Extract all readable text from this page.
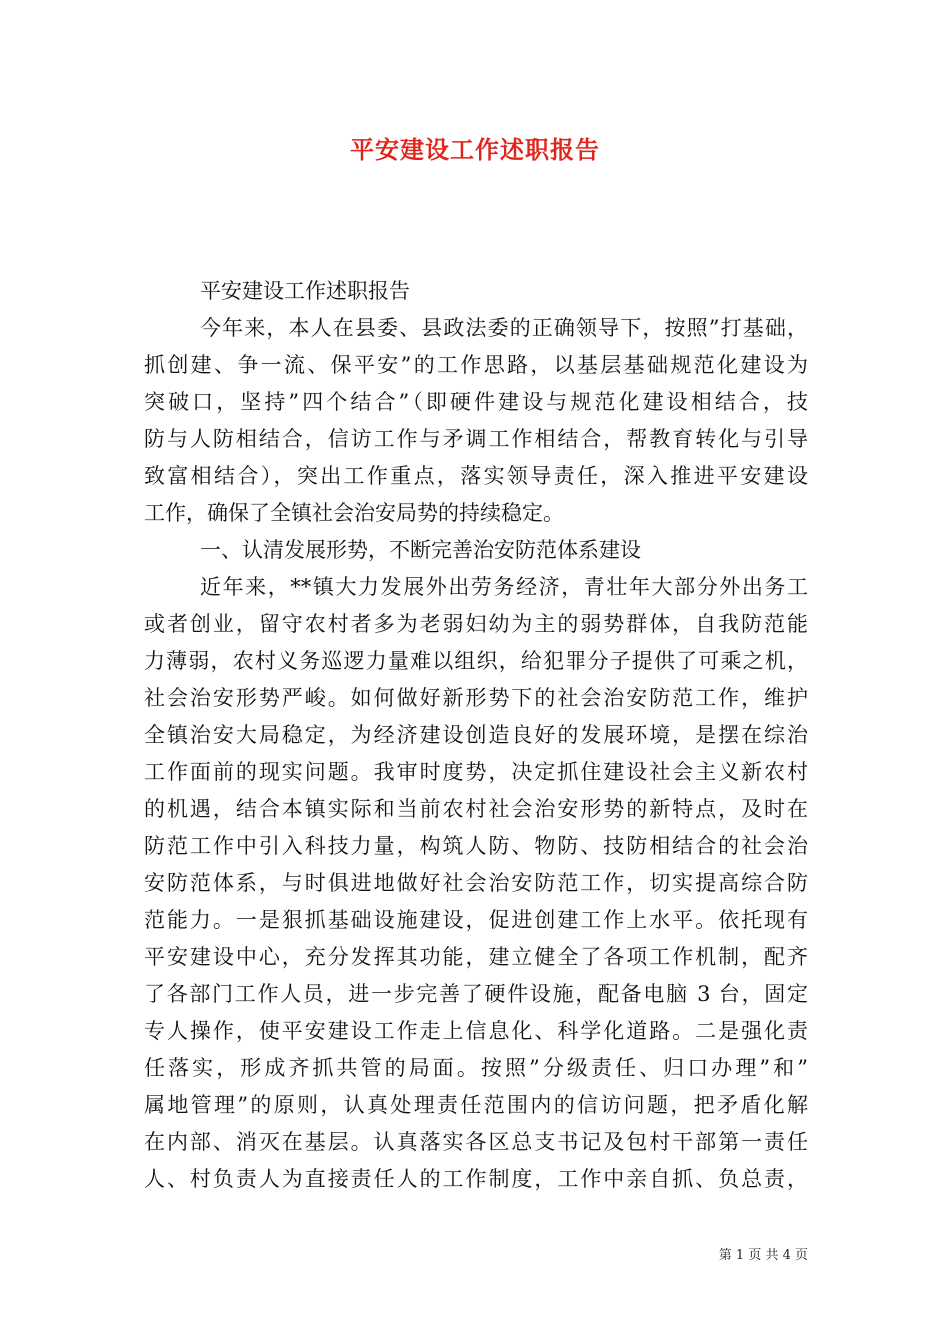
平安建设工作述职报告
平安建设工作述职报告
今年来，本人在县委、县政法委的正确领导下，按照”打基础，
抓创建、争一流、保平安”的工作思路，以基层基础规范化建设为
突破口，坚持”四个结合”（即硬件建设与规范化建设相结合，技
防与人防相结合，信访工作与矛调工作相结合，帮教育转化与引导
致富相结合），突出工作重点，落实领导责任，深入推进平安建设
工作，确保了全镇社会治安局势的持续稳定。
一、认清发展形势，不断完善治安防范体系建设
近年来，**镇大力发展外出劳务经济，青壮年大部分外出务工
或者创业，留守农村者多为老弱妇幼为主的弱势群体，自我防范能
力薄弱，农村义务巡逻力量难以组织，给犯罪分子提供了可乘之机，
社会治安形势严峻。如何做好新形势下的社会治安防范工作，维护
全镇治安大局稳定，为经济建设创造良好的发展环境，是摆在综治
工作面前的现实问题。我审时度势，决定抓住建设社会主义新农村
的机遇，结合本镇实际和当前农村社会治安形势的新特点，及时在
防范工作中引入科技力量，构筑人防、物防、技防相结合的社会治
安防范体系，与时俱进地做好社会治安防范工作，切实提高综合防
范能力。一是狠抓基础设施建设，促进创建工作上水平。依托现有
平安建设中心，充分发挥其功能，建立健全了各项工作机制，配齐
了各部门工作人员，进一步完善了硬件设施，配备电脑 3 台，固定
专人操作，使平安建设工作走上信息化、科学化道路。二是强化责
任落实，形成齐抓共管的局面。按照”分级责任、归口办理”和”
属地管理”的原则，认真处理责任范围内的信访问题，把矛盾化解
在内部、消灭在基层。认真落实各区总支书记及包村干部第一责任
人、村负责人为直接责任人的工作制度，工作中亲自抓、负总责，
第 1 页 共 4 页
